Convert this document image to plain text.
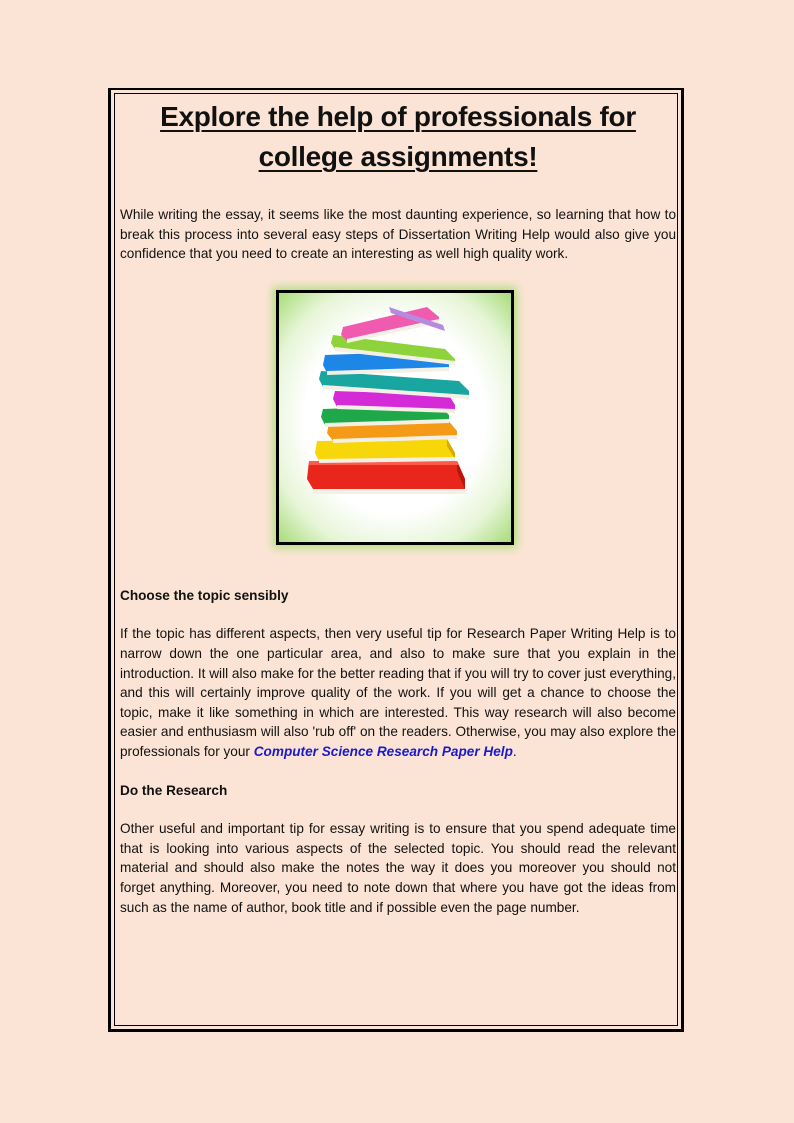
Explore the help of professionals for college assignments!

While writing the essay, it seems like the most daunting experience, so learning that how to break this process into several easy steps of Dissertation Writing Help would also give you confidence that you need to create an interesting as well high quality work.

Choose the topic sensibly

If the topic has different aspects, then very useful tip for Research Paper Writing Help is to narrow down the one particular area, and also to make sure that you explain in the introduction. It will also make for the better reading that if you will try to cover just everything, and this will certainly improve quality of the work. If you will get a chance to choose the topic, make it like something in which are interested. This way research will also become easier and enthusiasm will also 'rub off' on the readers. Otherwise, you may also explore the professionals for your Computer Science Research Paper Help.

Do the Research

Other useful and important tip for essay writing is to ensure that you spend adequate time that is looking into various aspects of the selected topic. You should read the relevant material and should also make the notes the way it does you moreover you should not forget anything. Moreover, you need to note down that where you have got the ideas from such as the name of author, book title and if possible even the page number.
